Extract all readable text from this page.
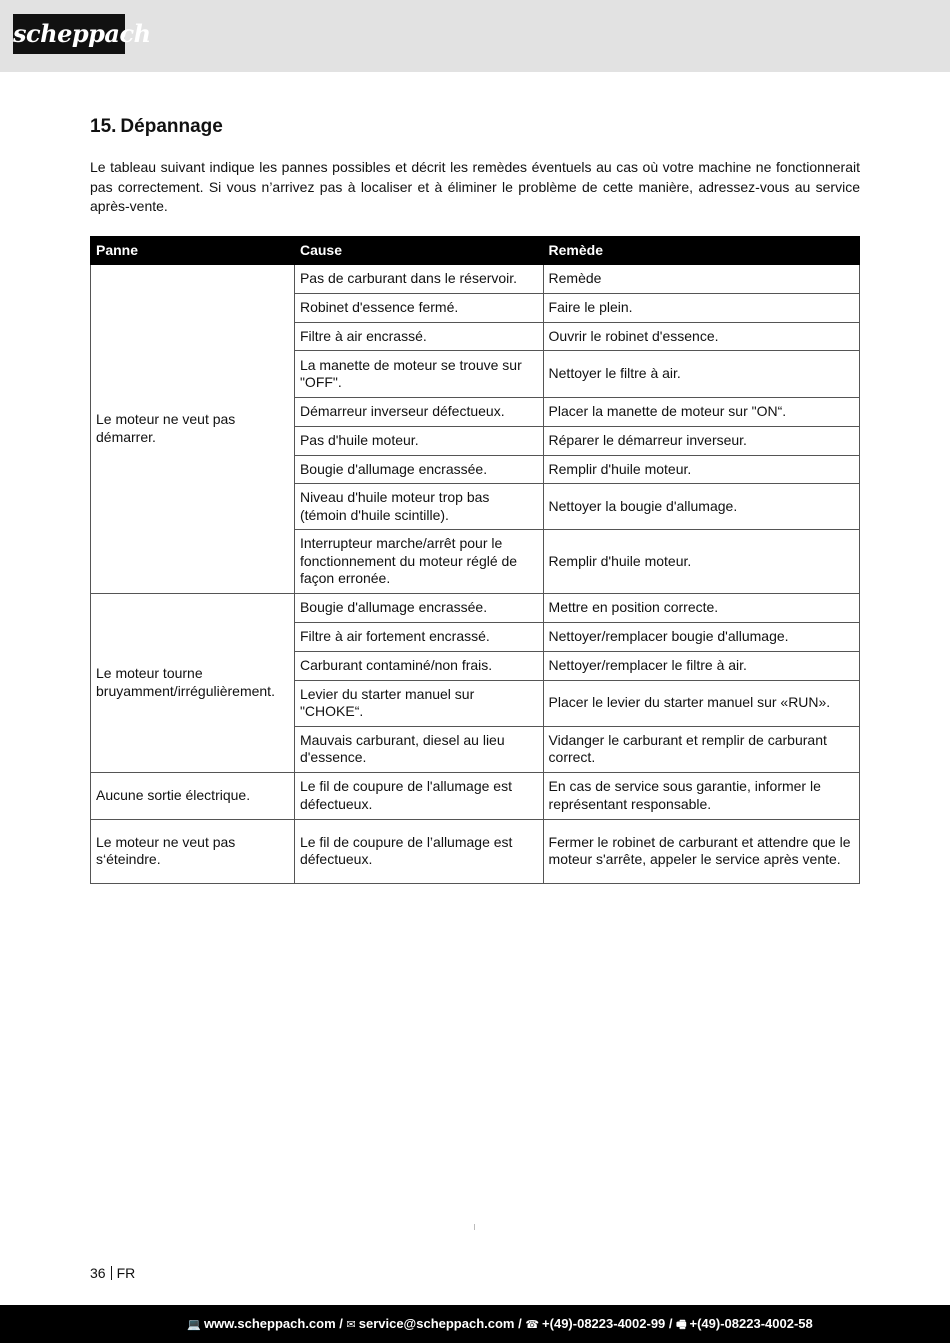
scheppach
15. Dépannage

Le tableau suivant indique les pannes possibles et décrit les remèdes éventuels au cas où votre machine ne fonctionnerait pas correctement. Si vous n’arrivez pas à localiser et à éliminer le problème de cette manière, adressez-vous au service après-vente.

Panne	Cause	Remède
Le moteur ne veut pas démarrer.	Pas de carburant dans le réservoir.	Remède
	Robinet d'essence fermé.	Faire le plein.
	Filtre à air encrassé.	Ouvrir le robinet d'essence.
	La manette de moteur se trouve sur "OFF".	Nettoyer le filtre à air.
	Démarreur inverseur défectueux.	Placer la manette de moteur sur "ON“.
	Pas d'huile moteur.	Réparer le démarreur inverseur.
	Bougie d'allumage encrassée.	Remplir d'huile moteur.
	Niveau d'huile moteur trop bas (témoin d'huile scintille).	Nettoyer la bougie d'allumage.
	Interrupteur marche/arrêt pour le fonctionnement du moteur réglé de façon erronée.	Remplir d'huile moteur.
Le moteur tourne bruyamment/irrégulièrement.	Bougie d'allumage encrassée.	Mettre en position correcte.
	Filtre à air fortement encrassé.	Nettoyer/remplacer bougie d'allumage.
	Carburant contaminé/non frais.	Nettoyer/remplacer le filtre à air.
	Levier du starter manuel sur "CHOKE“.	Placer le levier du starter manuel sur «RUN».
	Mauvais carburant, diesel au lieu d'essence.	Vidanger le carburant et remplir de carburant correct.
Aucune sortie électrique.	Le fil de coupure de l'allumage est défectueux.	En cas de service sous garantie, informer le représentant responsable.
Le moteur ne veut pas s‘éteindre.	Le fil de coupure de l’allumage est défectueux.	Fermer le robinet de carburant et attendre que le moteur s'arrête, appeler le service après vente.
36 FR
💻 www.scheppach.com / ✉ service@scheppach.com / ☎ +(49)-08223-4002-99 / 🖷 +(49)-08223-4002-58
